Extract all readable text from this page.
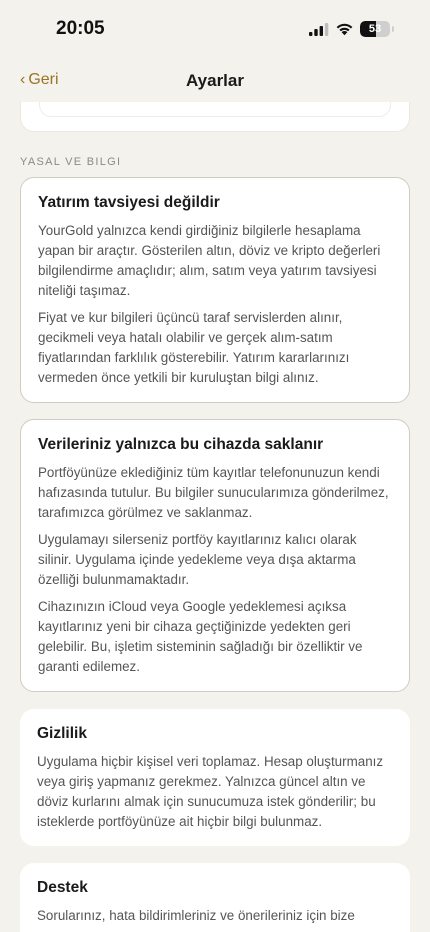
20:05	53
‹ Geri	Ayarlar
YASAL VE BILGI
Yatırım tavsiyesi değildir
YourGold yalnızca kendi girdiğiniz bilgilerle hesaplama yapan bir araçtır. Gösterilen altın, döviz ve kripto değerleri bilgilendirme amaçlıdır; alım, satım veya yatırım tavsiyesi niteliği taşımaz.
Fiyat ve kur bilgileri üçüncü taraf servislerden alınır, gecikmeli veya hatalı olabilir ve gerçek alım-satım fiyatlarından farklılık gösterebilir. Yatırım kararlarınızı vermeden önce yetkili bir kuruluştan bilgi alınız.
Verileriniz yalnızca bu cihazda saklanır
Portföyünüze eklediğiniz tüm kayıtlar telefonunuzun kendi hafızasında tutulur. Bu bilgiler sunucularımıza gönderilmez, tarafımızca görülmez ve saklanmaz.
Uygulamayı silerseniz portföy kayıtlarınız kalıcı olarak silinir. Uygulama içinde yedekleme veya dışa aktarma özelliği bulunmamaktadır.
Cihazınızın iCloud veya Google yedeklemesi açıksa kayıtlarınız yeni bir cihaza geçtiğinizde yedekten geri gelebilir. Bu, işletim sisteminin sağladığı bir özelliktir ve garanti edilemez.
Gizlilik
Uygulama hiçbir kişisel veri toplamaz. Hesap oluşturmanız veya giriş yapmanız gerekmez. Yalnızca güncel altın ve döviz kurlarını almak için sunucumuza istek gönderilir; bu isteklerde portföyünüze ait hiçbir bilgi bulunmaz.
Destek
Sorularınız, hata bildirimleriniz ve önerileriniz için bize
